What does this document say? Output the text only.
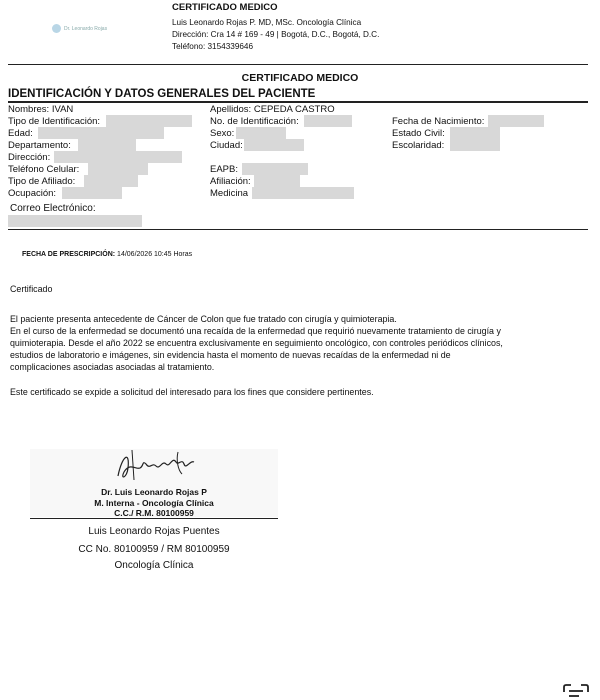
Dr. Leonardo Rojas
CERTIFICADO MEDICO
Luis Leonardo Rojas P. MD, MSc. Oncología Clínica
Dirección: Cra 14 # 169 - 49 | Bogotá, D.C., Bogotá, D.C.
Teléfono: 3154339646
CERTIFICADO MEDICO
IDENTIFICACIÓN Y DATOS GENERALES DEL PACIENTE
Nombres: IVAN	Apellidos: CEPEDA CASTRO
Tipo de Identificación:	No. de Identificación:	Fecha de Nacimiento:
Edad:	Sexo:	Estado Civil:
Departamento:	Ciudad:	Escolaridad:
Dirección:
Teléfono Celular:	EAPB:
Tipo de Afiliado:	Afiliación:
Ocupación:	Medicina
Correo Electrónico:
FECHA DE PRESCRIPCIÓN: 14/06/2026 10:45 Horas
Certificado
El paciente presenta antecedente de Cáncer de Colon que fue tratado con cirugía y quimioterapia.
En el curso de la enfermedad se documentó una recaída de la enfermedad que requirió nuevamente tratamiento de cirugía y
quimioterapia. Desde el año 2022 se encuentra exclusivamente en seguimiento oncológico, con controles periódicos clínicos,
estudios de laboratorio e imágenes, sin evidencia hasta el momento de nuevas recaídas de la enfermedad ni de
complicaciones asociadas asociadas al tratamiento.
Este certificado se expide a solicitud del interesado para los fines que considere pertinentes.
Dr. Luis Leonardo Rojas P
M. Interna - Oncología Clínica
C.C./ R.M. 80100959
Luis Leonardo Rojas Puentes
CC No. 80100959 / RM 80100959
Oncología Clínica
